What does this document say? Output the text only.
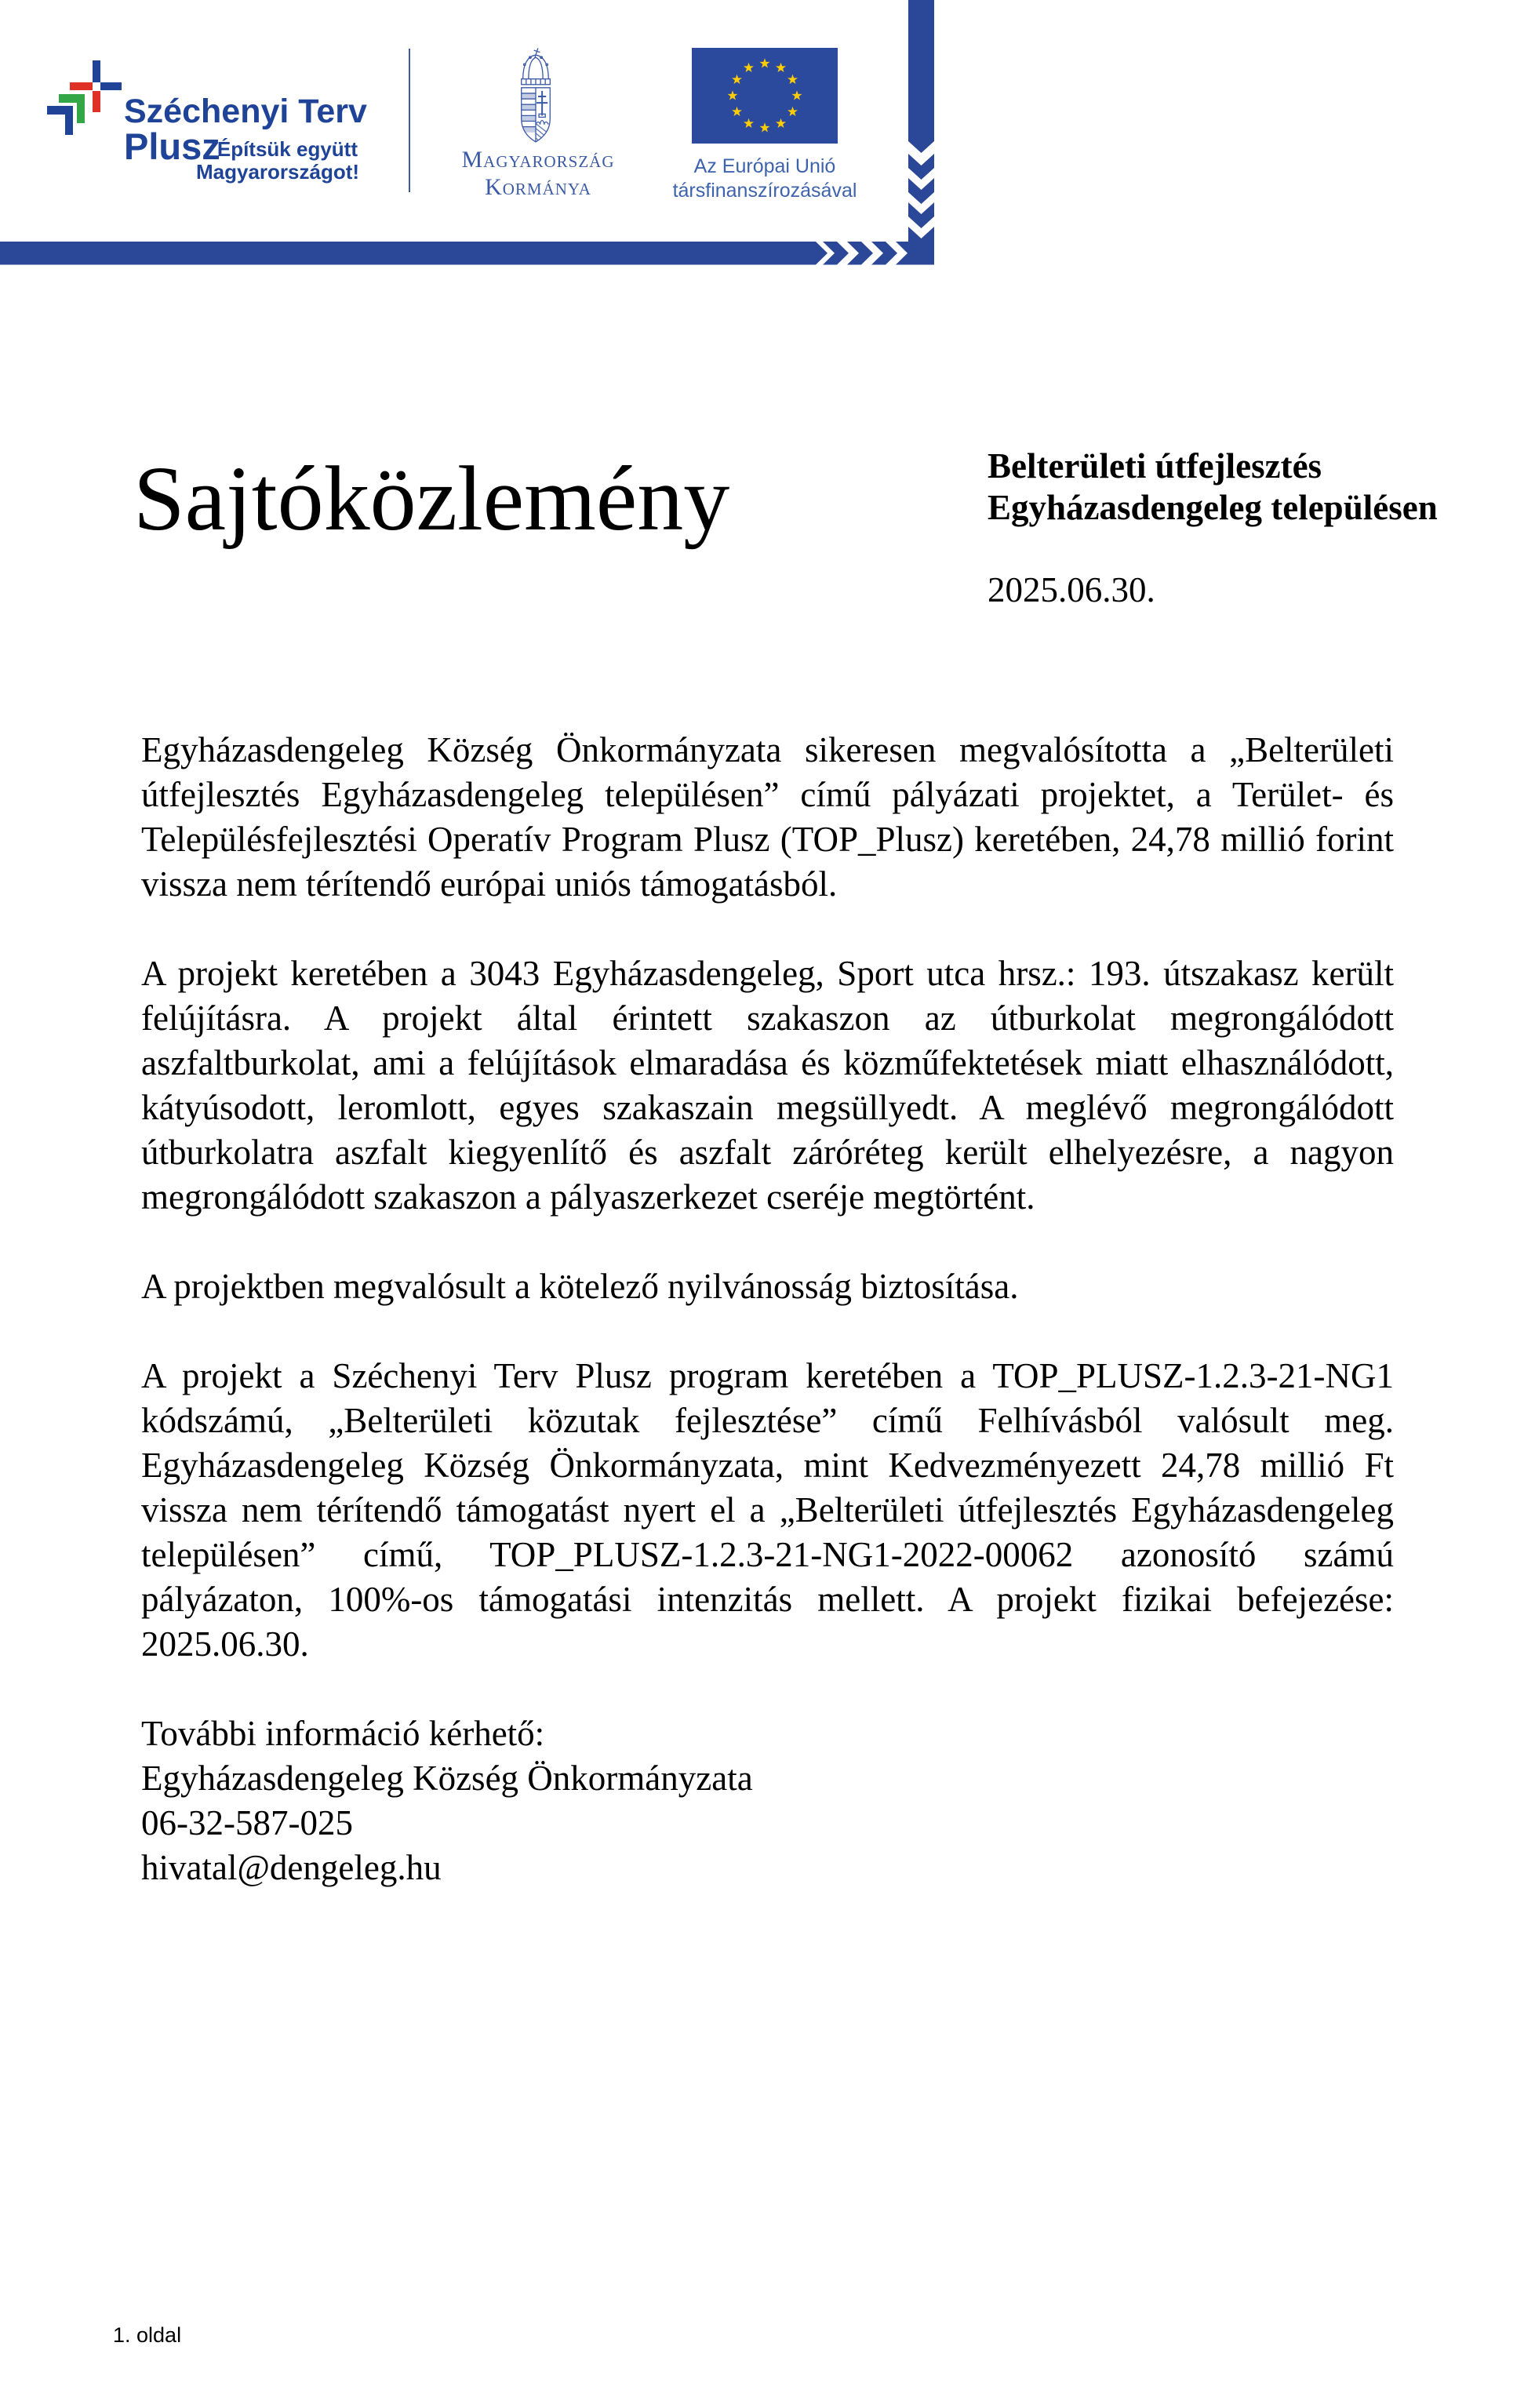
Széchenyi Terv
Plusz
Építsük együtt
Magyarországot!	Magyarország
Kormánya
Az Európai Unió
társfinanszírozásával
Sajtóközlemény	Belterületi útfejlesztés
Egyházasdengeleg településen
2025.06.30.

Egyházasdengeleg Község Önkormányzata sikeresen megvalósította a „Belterületi útfejlesztés Egyházasdengeleg településen” című pályázati projektet, a Terület- és Településfejlesztési Operatív Program Plusz (TOP_Plusz) keretében, 24,78 millió forint vissza nem térítendő európai uniós támogatásból.

A projekt keretében a 3043 Egyházasdengeleg, Sport utca hrsz.: 193. útszakasz került felújításra. A projekt által érintett szakaszon az útburkolat megrongálódott aszfaltburkolat, ami a felújítások elmaradása és közműfektetések miatt elhasználódott, kátyúsodott, leromlott, egyes szakaszain megsüllyedt. A meglévő megrongálódott útburkolatra aszfalt kiegyenlítő és aszfalt záróréteg került elhelyezésre, a nagyon megrongálódott szakaszon a pályaszerkezet cseréje megtörtént.

A projektben megvalósult a kötelező nyilvánosság biztosítása.

A projekt a Széchenyi Terv Plusz program keretében a TOP_PLUSZ-1.2.3-21-NG1 kódszámú, „Belterületi közutak fejlesztése” című Felhívásból valósult meg. Egyházasdengeleg Község Önkormányzata, mint Kedvezményezett 24,78 millió Ft vissza nem térítendő támogatást nyert el a „Belterületi útfejlesztés Egyházasdengeleg településen” című, TOP_PLUSZ-1.2.3-21-NG1-2022-00062 azonosító számú pályázaton, 100%-os támogatási intenzitás mellett. A projekt fizikai befejezése: 2025.06.30.

További információ kérhető:
Egyházasdengeleg Község Önkormányzata
06-32-587-025
hivatal@dengeleg.hu
1. oldal
